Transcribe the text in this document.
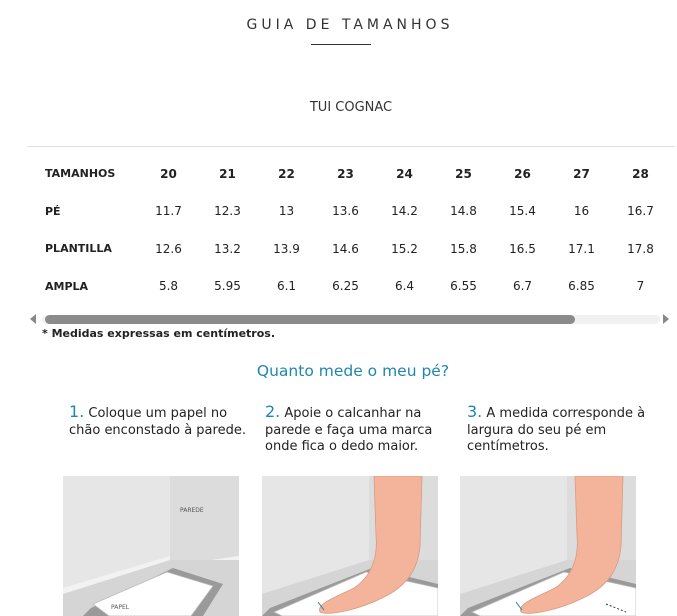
GUIA DE TAMANHOS
TUI COGNAC
TAMANHOS	20	21	22	23	24	25	26	27	28
PÉ	11.7	12.3	13	13.6	14.2	14.8	15.4	16	16.7
PLANTILLA	12.6	13.2	13.9	14.6	15.2	15.8	16.5	17.1	17.8
AMPLA	5.8	5.95	6.1	6.25	6.4	6.55	6.7	6.85	7
* Medidas expressas em centímetros.
Quanto mede o meu pé?
1. Coloque um papel no chão enconstado à parede.
2. Apoie o calcanhar na parede e faça uma marca onde fica o dedo maior.
3. A medida corresponde à largura do seu pé em centímetros.
PAREDE
PAPEL
